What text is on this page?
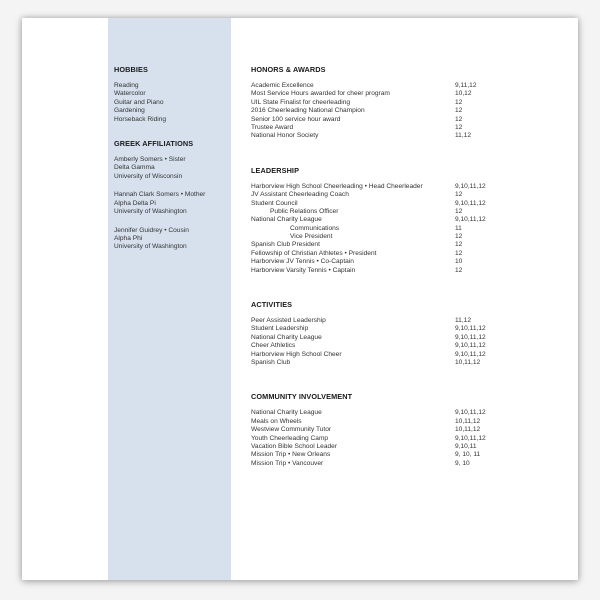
HOBBIES
Reading
Watercolor
Guitar and Piano
Gardening
Horseback Riding
GREEK AFFILIATIONS
Amberly Somers • Sister
Delta Gamma
University of Wisconsin
Hannah Clark Somers • Mother
Alpha Delta Pi
University of Washington
Jennifer Guidrey • Cousin
Alpha Phi
University of Washington
HONORS & AWARDS
Academic Excellence	9,11,12
Most Service Hours awarded for cheer program	10,12
UIL State Finalist for cheerleading	12
2016 Cheerleading National Champion	12
Senior 100 service hour award	12
Trustee Award	12
National Honor Society	11,12
LEADERSHIP
Harborview High School Cheerleading • Head Cheerleader	9,10,11,12
JV Assistant Cheerleading Coach	12
Student Council	9,10,11,12
Public Relations Officer	12
National Charity League	9,10,11,12
Communications	11
Vice President	12
Spanish Club President	12
Fellowship of Christian Athletes • President	12
Harborview JV Tennis • Co-Captain	10
Harborview Varsity Tennis • Captain	12
ACTIVITIES
Peer Assisted Leadership	11,12
Student Leadership	9,10,11,12
National Charity League	9,10,11,12
Cheer Athletics	9,10,11,12
Harborview High School Cheer	9,10,11,12
Spanish Club	10,11,12
COMMUNITY INVOLVEMENT
National Charity League	9,10,11,12
Meals on Wheels	10,11,12
Westview Community Tutor	10,11,12
Youth Cheerleading Camp	9,10,11,12
Vacation Bible School Leader	9,10,11
Mission Trip • New Orleans	9, 10, 11
Mission Trip • Vancouver	9, 10
